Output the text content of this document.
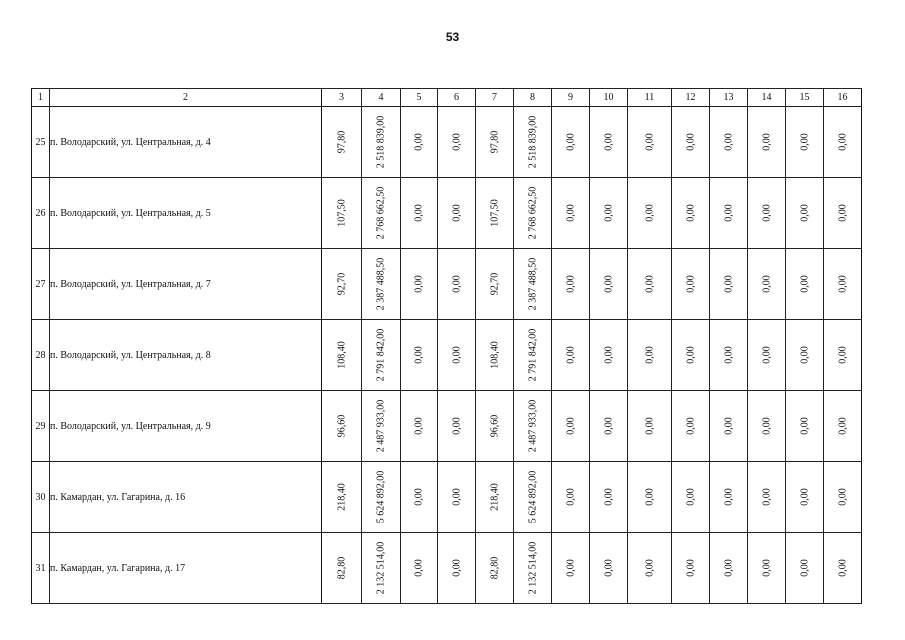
53
1	2	3	4	5	6	7	8	9	10	11	12	13	14	15	16
25	п. Володарский, ул. Центральная, д. 4	97,80	2 518 839,00	0,00	0,00	97,80	2 518 839,00	0,00	0,00	0,00	0,00	0,00	0,00	0,00	0,00

26	п. Володарский, ул. Центральная, д. 5	107,50	2 768 662,50	0,00	0,00	107,50	2 768 662,50	0,00	0,00	0,00	0,00	0,00	0,00	0,00	0,00

27	п. Володарский, ул. Центральная, д. 7	92,70	2 387 488,50	0,00	0,00	92,70	2 387 488,50	0,00	0,00	0,00	0,00	0,00	0,00	0,00	0,00

28	п. Володарский, ул. Центральная, д. 8	108,40	2 791 842,00	0,00	0,00	108,40	2 791 842,00	0,00	0,00	0,00	0,00	0,00	0,00	0,00	0,00

29	п. Володарский, ул. Центральная, д. 9	96,60	2 487 933,00	0,00	0,00	96,60	2 487 933,00	0,00	0,00	0,00	0,00	0,00	0,00	0,00	0,00

30	п. Камардан, ул. Гагарина, д. 16	218,40	5 624 892,00	0,00	0,00	218,40	5 624 892,00	0,00	0,00	0,00	0,00	0,00	0,00	0,00	0,00

31	п. Камардан, ул. Гагарина, д. 17	82,80	2 132 514,00	0,00	0,00	82,80	2 132 514,00	0,00	0,00	0,00	0,00	0,00	0,00	0,00	0,00
